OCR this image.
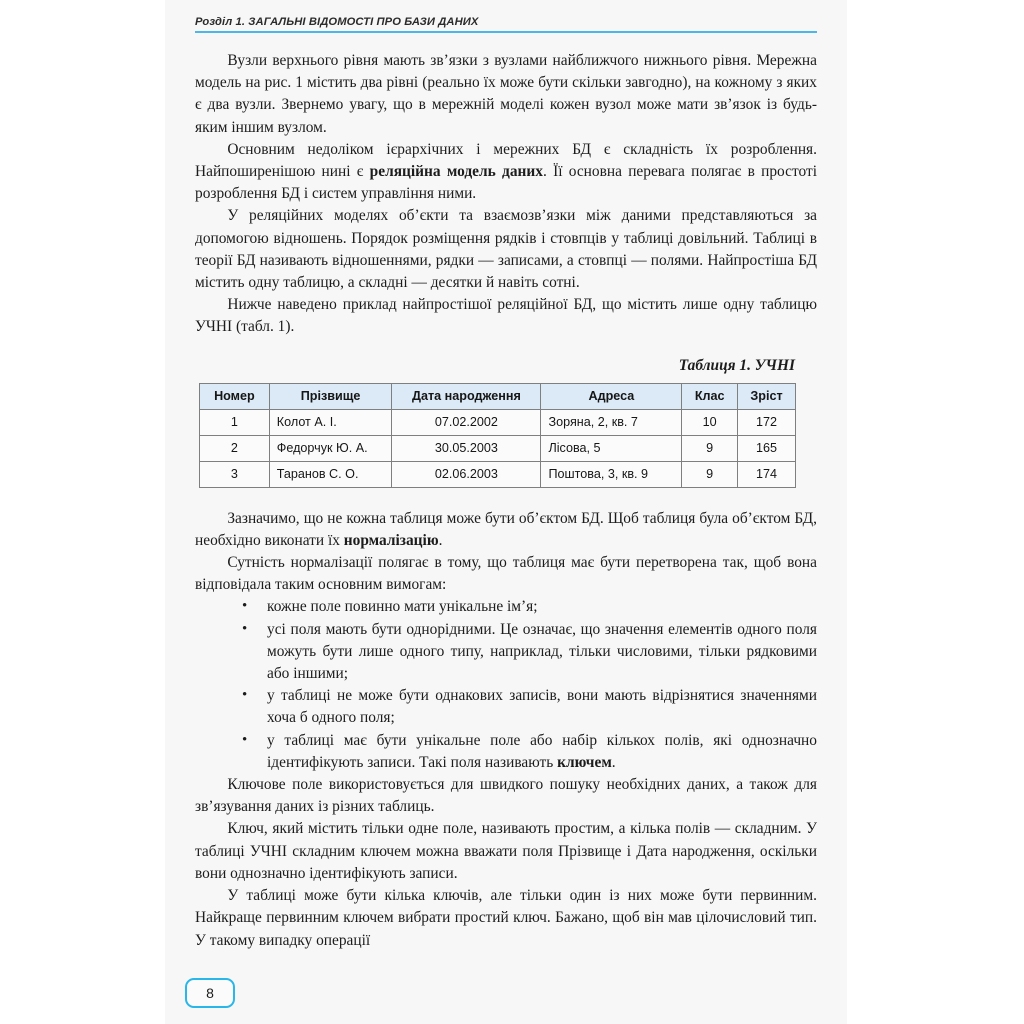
Розділ 1. ЗАГАЛЬНІ ВІДОМОСТІ ПРО БАЗИ ДАНИХ

Вузли верхнього рівня мають зв’язки з вузлами найближчого нижнього рівня. Мережна модель на рис. 1 містить два рівні (реально їх може бути скільки завгодно), на кожному з яких є два вузли. Звернемо увагу, що в мережній моделі кожен вузол може мати зв’язок із будь-яким іншим вузлом.

Основним недоліком ієрархічних і мережних БД є складність їх розроблення. Найпоширенішою нині є реляційна модель даних. Її основна перевага полягає в простоті розроблення БД і систем управління ними.

У реляційних моделях об’єкти та взаємозв’язки між даними представляються за допомогою відношень. Порядок розміщення рядків і стовпців у таблиці довільний. Таблиці в теорії БД називають відношеннями, рядки — записами, а стовпці — полями. Найпростіша БД містить одну таблицю, а складні — десятки й навіть сотні.

Нижче наведено приклад найпростішої реляційної БД, що містить лише одну таблицю УЧНІ (табл. 1).

Таблиця 1. УЧНІ
Номер	Прізвище	Дата народження	Адреса	Клас	Зріст
1	Колот А. І.	07.02.2002	Зоряна, 2, кв. 7	10	172
2	Федорчук Ю. А.	30.05.2003	Лісова, 5	9	165
3	Таранов С. О.	02.06.2003	Поштова, 3, кв. 9	9	174

Зазначимо, що не кожна таблиця може бути об’єктом БД. Щоб таблиця була об’єктом БД, необхідно виконати їх нормалізацію.

Сутність нормалізації полягає в тому, що таблиця має бути перетворена так, щоб вона відповідала таким основним вимогам:

• кожне поле повинно мати унікальне ім’я;
• усі поля мають бути однорідними. Це означає, що значення елементів одного поля можуть бути лише одного типу, наприклад, тільки числовими, тільки рядковими або іншими;
• у таблиці не може бути однакових записів, вони мають відрізнятися значеннями хоча б одного поля;
• у таблиці має бути унікальне поле або набір кількох полів, які однозначно ідентифікують записи. Такі поля називають ключем.

Ключове поле використовується для швидкого пошуку необхідних даних, а також для зв’язування даних із різних таблиць.

Ключ, який містить тільки одне поле, називають простим, а кілька полів — складним. У таблиці УЧНІ складним ключем можна вважати поля Прізвище і Дата народження, оскільки вони однозначно ідентифікують записи.

У таблиці може бути кілька ключів, але тільки один із них може бути первинним. Найкраще первинним ключем вибрати простий ключ. Бажано, щоб він мав цілочисловий тип. У такому випадку операції

8
